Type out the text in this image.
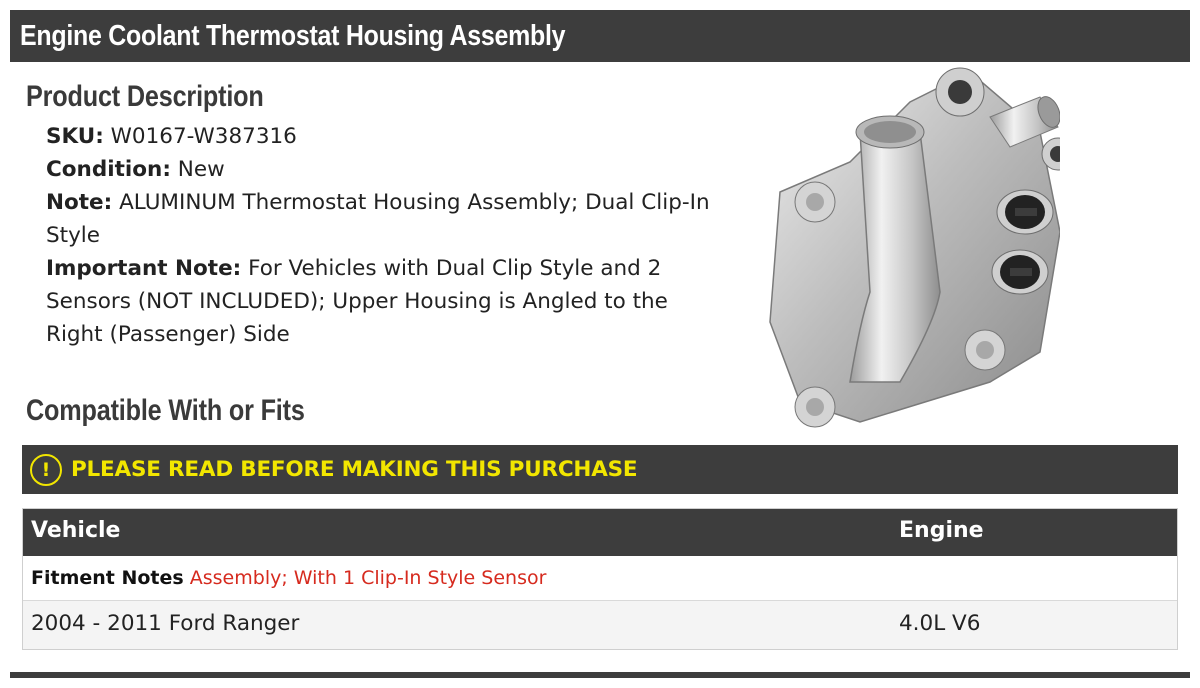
Engine Coolant Thermostat Housing Assembly
Product Description
SKU: W0167-W387316
Condition: New
Note: ALUMINUM Thermostat Housing Assembly; Dual Clip-In Style
Important Note: For Vehicles with Dual Clip Style and 2 Sensors (NOT INCLUDED); Upper Housing is Angled to the Right (Passenger) Side
Compatible With or Fits
! PLEASE READ BEFORE MAKING THIS PURCHASE
Vehicle	Engine
Fitment Notes Assembly; With 1 Clip-In Style Sensor
2004 - 2011 Ford Ranger	4.0L V6
